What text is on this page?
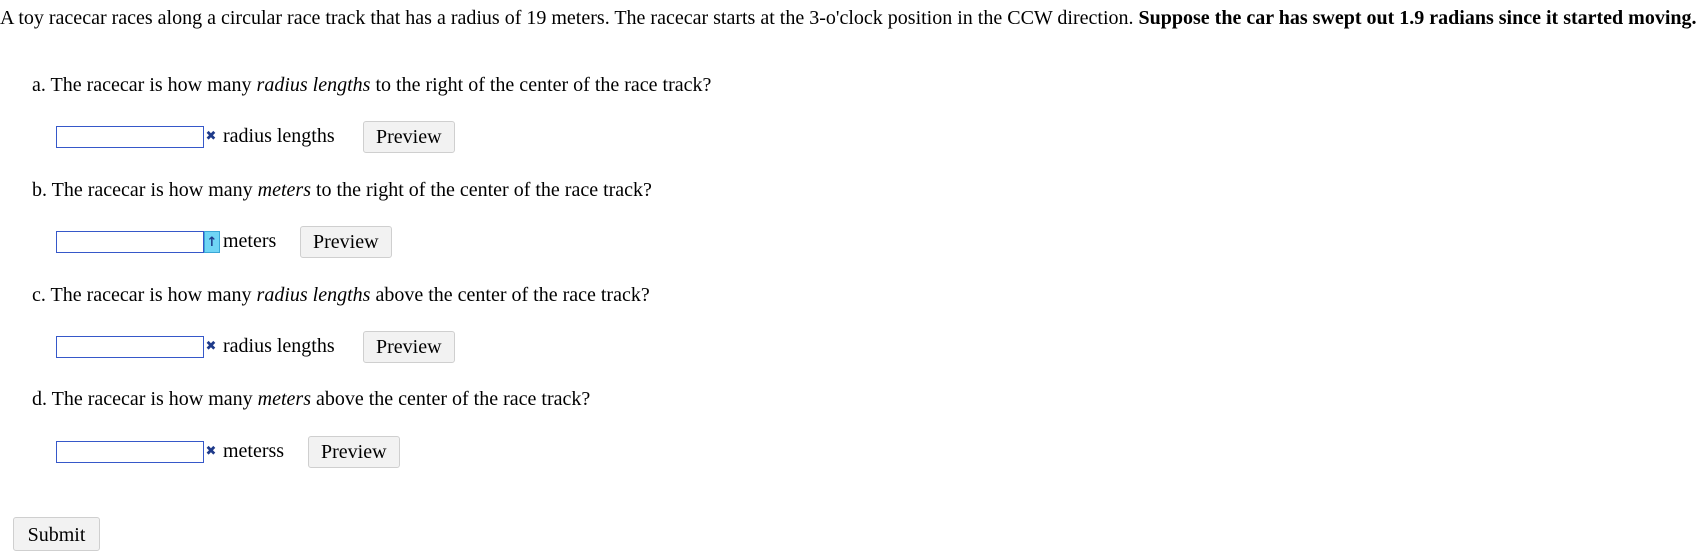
A toy racecar races along a circular race track that has a radius of 19 meters. The racecar starts at the 3-o'clock position in the CCW direction. Suppose the car has swept out 1.9 radians since it started moving.
a. The racecar is how many radius lengths to the right of the center of the race track?
✖ radius lengths	Preview
b. The racecar is how many meters to the right of the center of the race track?
↑ meters	Preview
c. The racecar is how many radius lengths above the center of the race track?
✖ radius lengths	Preview
d. The racecar is how many meters above the center of the race track?
✖ meterss	Preview
Submit
